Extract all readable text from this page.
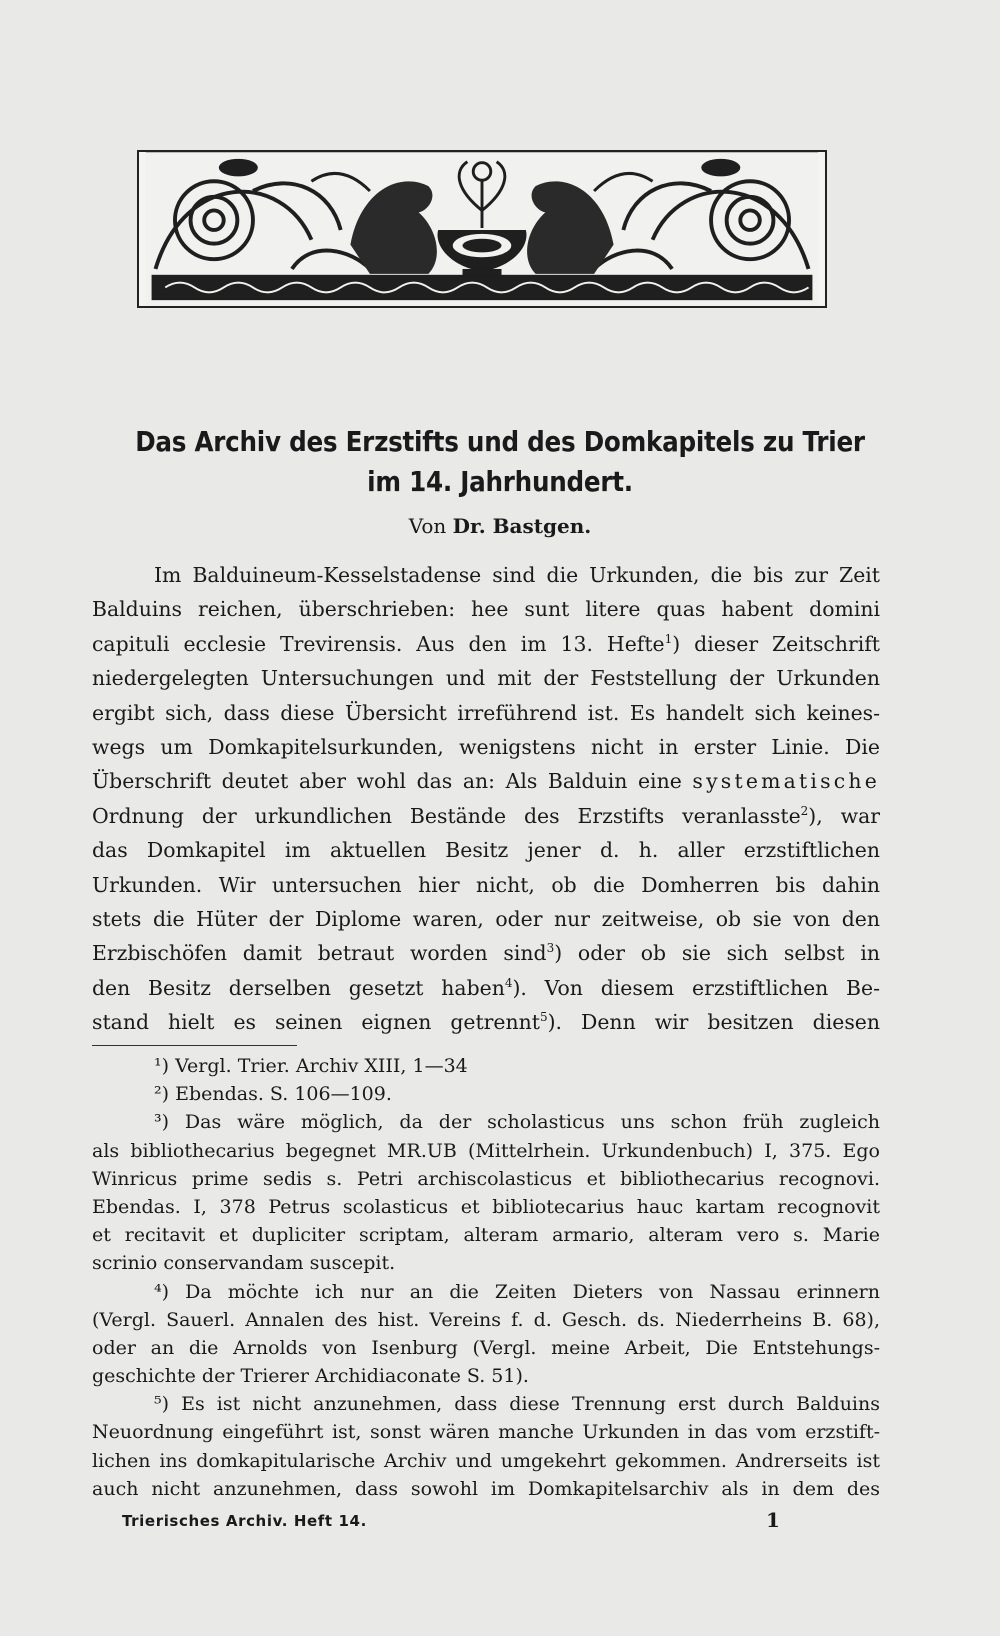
Das Archiv des Erzstifts und des Domkapitels zu Trier
im 14. Jahrhundert.
Von Dr. Bastgen.
Im Balduineum-Kesselstadense sind die Urkunden, die bis zur Zeit
Balduins reichen, überschrieben: hee sunt litere quas habent domini
capituli ecclesie Trevirensis. Aus den im 13. Hefte$^1$) dieser Zeitschrift
niedergelegten Untersuchungen und mit der Feststellung der Urkunden
ergibt sich, dass diese Übersicht irreführend ist. Es handelt sich keines-
wegs um Domkapitelsurkunden, wenigstens nicht in erster Linie. Die
Überschrift deutet aber wohl das an: Als Balduin eine systematische
Ordnung der urkundlichen Bestände des Erzstifts veranlasste$^2$), war
das Domkapitel im aktuellen Besitz jener d. h. aller erzstiftlichen
Urkunden. Wir untersuchen hier nicht, ob die Domherren bis dahin
stets die Hüter der Diplome waren, oder nur zeitweise, ob sie von den
Erzbischöfen damit betraut worden sind$^3$) oder ob sie sich selbst in
den Besitz derselben gesetzt haben$^4$). Von diesem erzstiftlichen Be-
stand hielt es seinen eignen getrennt$^5$). Denn wir besitzen diesen
¹) Vergl. Trier. Archiv XIII, 1—34
²) Ebendas. S. 106—109.
³) Das wäre möglich, da der scholasticus uns schon früh zugleich
als bibliothecarius begegnet MR.UB (Mittelrhein. Urkundenbuch) I, 375. Ego
Winricus prime sedis s. Petri archiscolasticus et bibliothecarius recognovi.
Ebendas. I, 378 Petrus scolasticus et bibliotecarius hauc kartam recognovit
et recitavit et dupliciter scriptam, alteram armario, alteram vero s. Marie
scrinio conservandam suscepit.
⁴) Da möchte ich nur an die Zeiten Dieters von Nassau erinnern
(Vergl. Sauerl. Annalen des hist. Vereins f. d. Gesch. ds. Niederrheins B. 68),
oder an die Arnolds von Isenburg (Vergl. meine Arbeit, Die Entstehungs-
geschichte der Trierer Archidiaconate S. 51).
⁵) Es ist nicht anzunehmen, dass diese Trennung erst durch Balduins
Neuordnung eingeführt ist, sonst wären manche Urkunden in das vom erzstift-
lichen ins domkapitularische Archiv und umgekehrt gekommen. Andrerseits ist
auch nicht anzunehmen, dass sowohl im Domkapitelsarchiv als in dem des
Trierisches Archiv. Heft 14.	1
